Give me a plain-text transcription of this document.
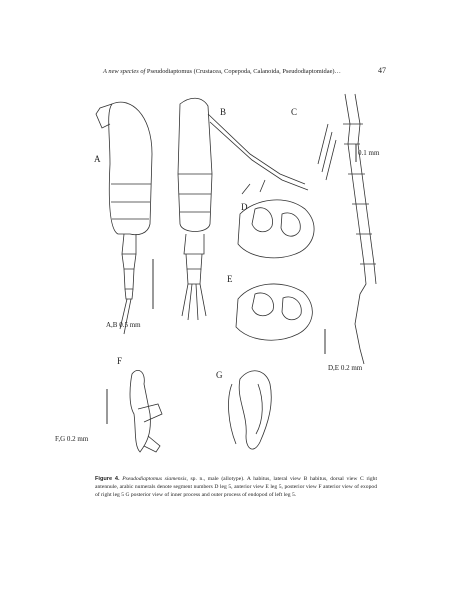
A new species of Pseudodiaptomus (Crustacea, Copepoda, Calanoida, Pseudodiaptomidae)…	47
A
B	C
D
E
F
G
A,B 0.5 mm
0.1 mm
D,E 0.2 mm
F,G 0.2 mm
Figure 4. Pseudodiaptomus siamensis, sp. n., male (allotype). A habitus, lateral view B habitus, dorsal view C right antennule, arabic numerals denote segment numbers D leg 5, anterior view E leg 5, posterior view F anterior view of exopod of right leg 5 G posterior view of inner process and outer process of endopod of left leg 5.
